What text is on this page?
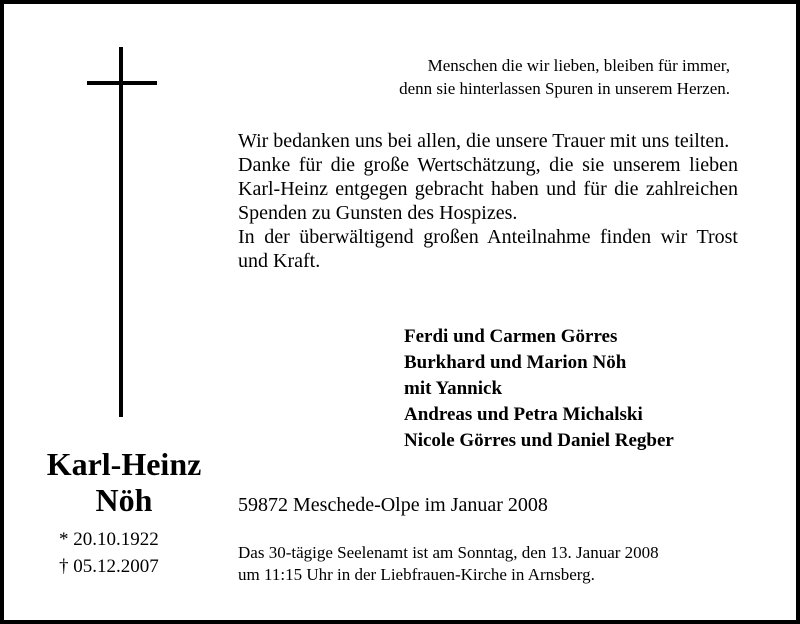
Menschen die wir lieben, bleiben für immer,
denn sie hinterlassen Spuren in unserem Herzen.
Karl-Heinz
Nöh
* 20.10.1922
† 05.12.2007

Wir bedanken uns bei allen, die unsere Trauer mit uns teilten.

Danke für die große Wertschätzung, die sie unserem lieben Karl-Heinz entgegen gebracht haben und für die zahlreichen Spenden zu Gunsten des Hospizes.

In der überwältigend großen Anteilnahme finden wir Trost und Kraft.

Ferdi und Carmen Görres
Burkhard und Marion Nöh
mit Yannick
Andreas und Petra Michalski
Nicole Görres und Daniel Regber
59872 Meschede-Olpe im Januar 2008
Das 30-tägige Seelenamt ist am Sonntag, den 13. Januar 2008
um 11:15 Uhr in der Liebfrauen-Kirche in Arnsberg.
